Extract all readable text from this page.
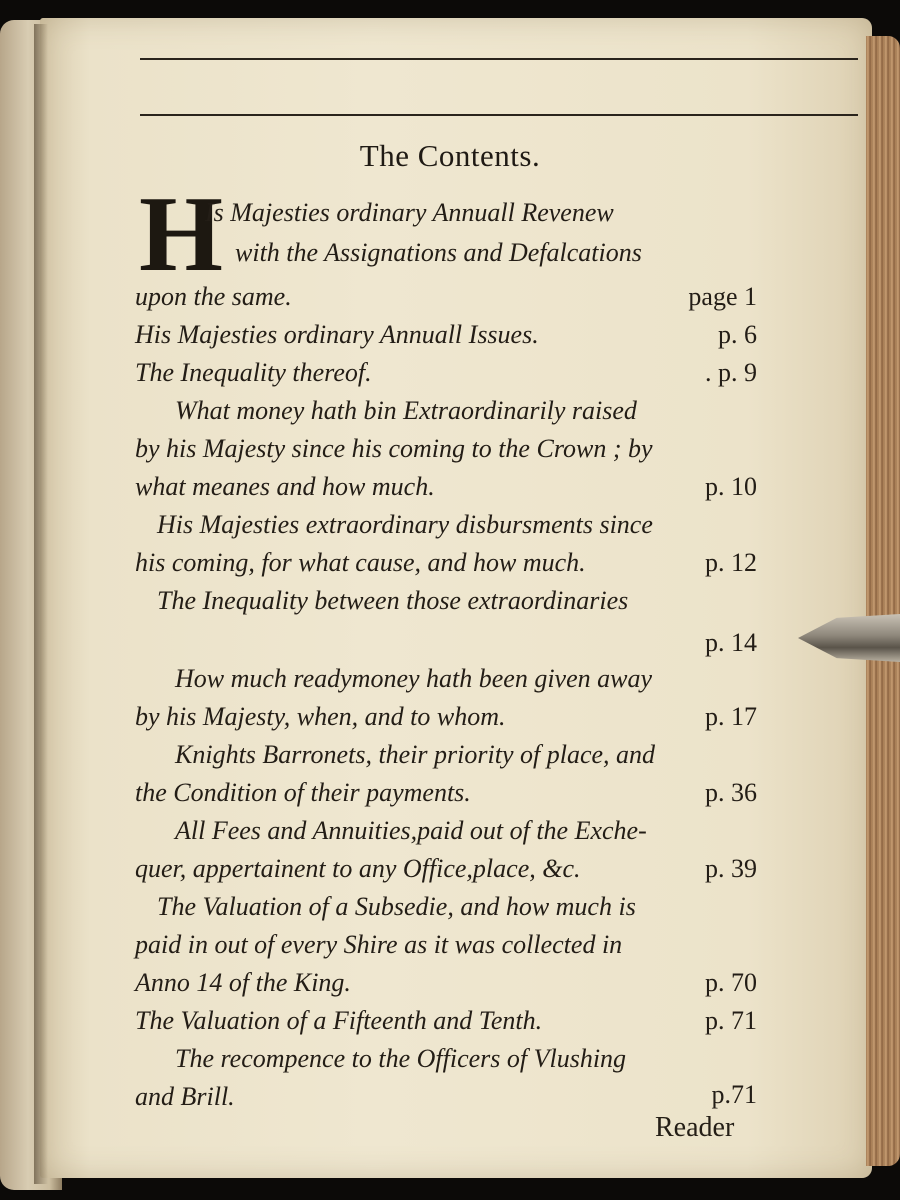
The Contents.
H
Is Majesties ordinary Annuall Revenew
with the Assignations and Defalcations
upon the same.	page 1
His Majesties ordinary Annuall Issues.	p. 6
The Inequality thereof.	. p. 9
What money hath bin Extraordinarily raised
by his Majesty since his coming to the Crown ; by
what meanes and how much.	p. 10
His Majesties extraordinary disbursments since
his coming, for what cause, and how much.	p. 12
The Inequality between those extraordinaries
p. 14
How much readymoney hath been given away
by his Majesty, when, and to whom.	p. 17
Knights Barronets, their priority of place, and
the Condition of their payments.	p. 36
All Fees and Annuities,paid out of the Exche-
quer, appertainent to any Office,place, &c.	p. 39
The Valuation of a Subsedie, and how much is
paid in out of every Shire as it was collected in
Anno 14 of the King.	p. 70
The Valuation of a Fifteenth and Tenth.	p. 71
The recompence to the Officers of Vlushing
and Brill.	p.71
Reader
